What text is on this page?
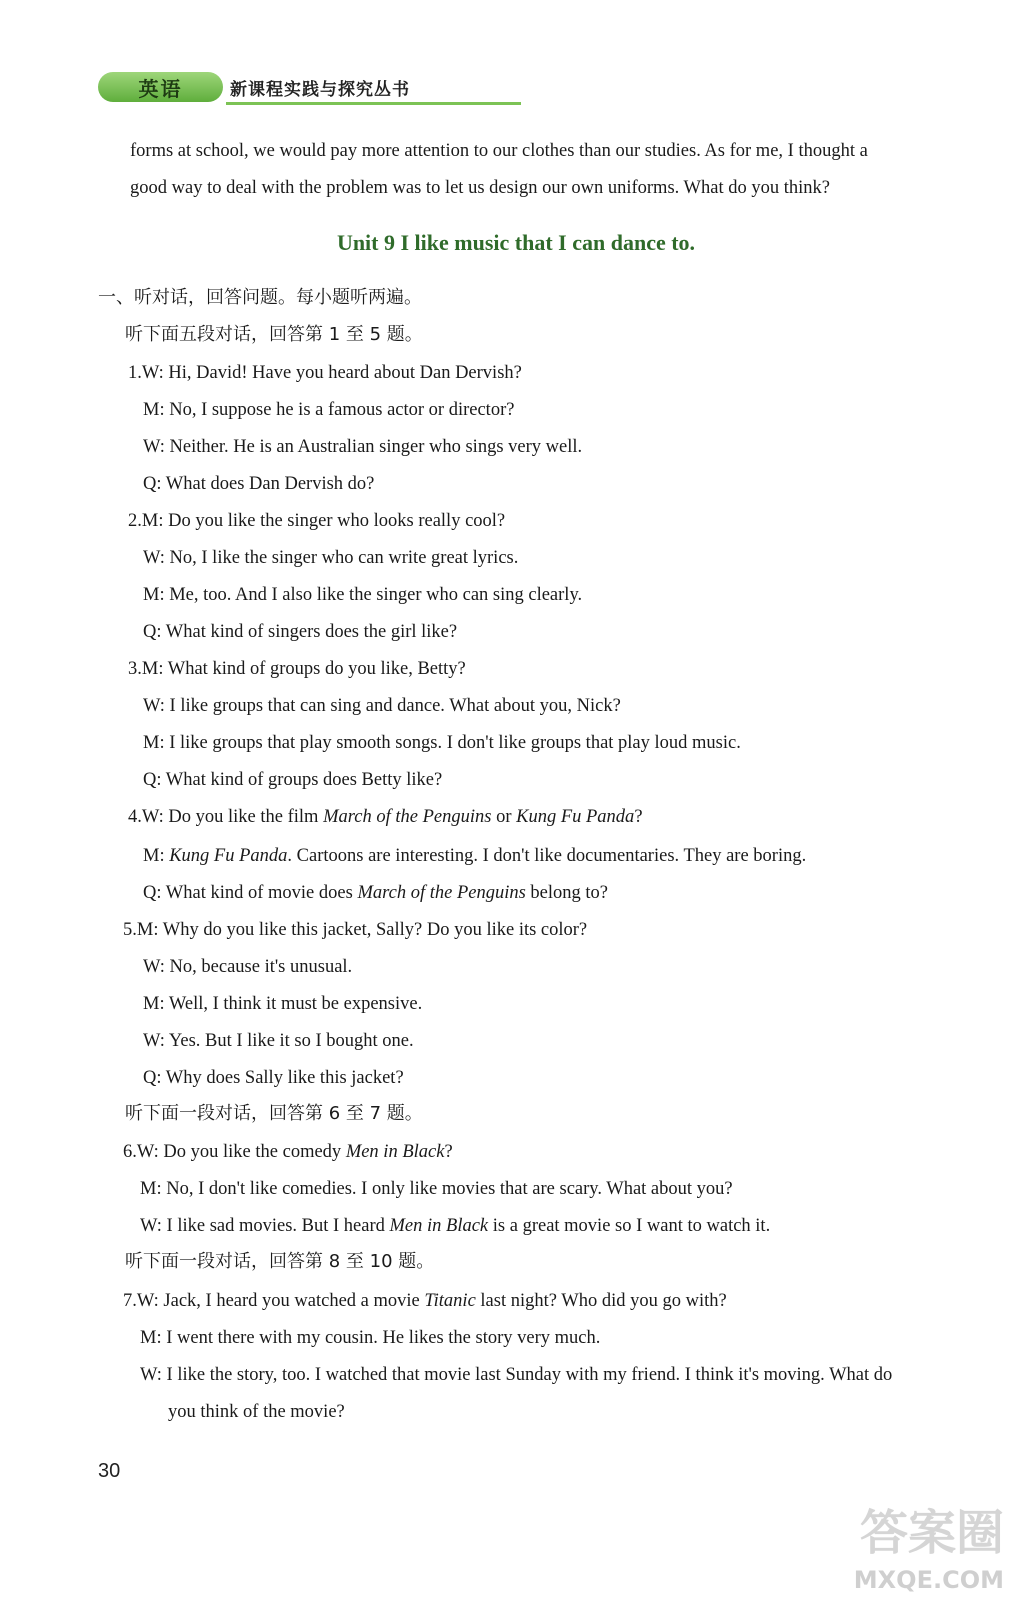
英语	新课程实践与探究丛书
forms at school, we would pay more attention to our clothes than our studies. As for me, I thought a
good way to deal with the problem was to let us design our own uniforms. What do you think?
Unit 9 I like music that I can dance to.
一、听对话，回答问题。每小题听两遍。
听下面五段对话，回答第 1 至 5 题。
1.W: Hi, David! Have you heard about Dan Dervish?
M: No, I suppose he is a famous actor or director?
W: Neither. He is an Australian singer who sings very well.
Q: What does Dan Dervish do?
2.M: Do you like the singer who looks really cool?
W: No, I like the singer who can write great lyrics.
M: Me, too. And I also like the singer who can sing clearly.
Q: What kind of singers does the girl like?
3.M: What kind of groups do you like, Betty?
W: I like groups that can sing and dance. What about you, Nick?
M: I like groups that play smooth songs. I don't like groups that play loud music.
Q: What kind of groups does Betty like?
4.W: Do you like the film March of the Penguins or Kung Fu Panda?
M: Kung Fu Panda. Cartoons are interesting. I don't like documentaries. They are boring.
Q: What kind of movie does March of the Penguins belong to?
5.M: Why do you like this jacket, Sally? Do you like its color?
W: No, because it's unusual.
M: Well, I think it must be expensive.
W: Yes. But I like it so I bought one.
Q: Why does Sally like this jacket?
听下面一段对话，回答第 6 至 7 题。
6.W: Do you like the comedy Men in Black?
M: No, I don't like comedies. I only like movies that are scary. What about you?
W: I like sad movies. But I heard Men in Black is a great movie so I want to watch it.
听下面一段对话，回答第 8 至 10 题。
7.W: Jack, I heard you watched a movie Titanic last night? Who did you go with?
M: I went there with my cousin. He likes the story very much.
W: I like the story, too. I watched that movie last Sunday with my friend. I think it's moving. What do
you think of the movie?
30
答案圈
MXQE.COM
